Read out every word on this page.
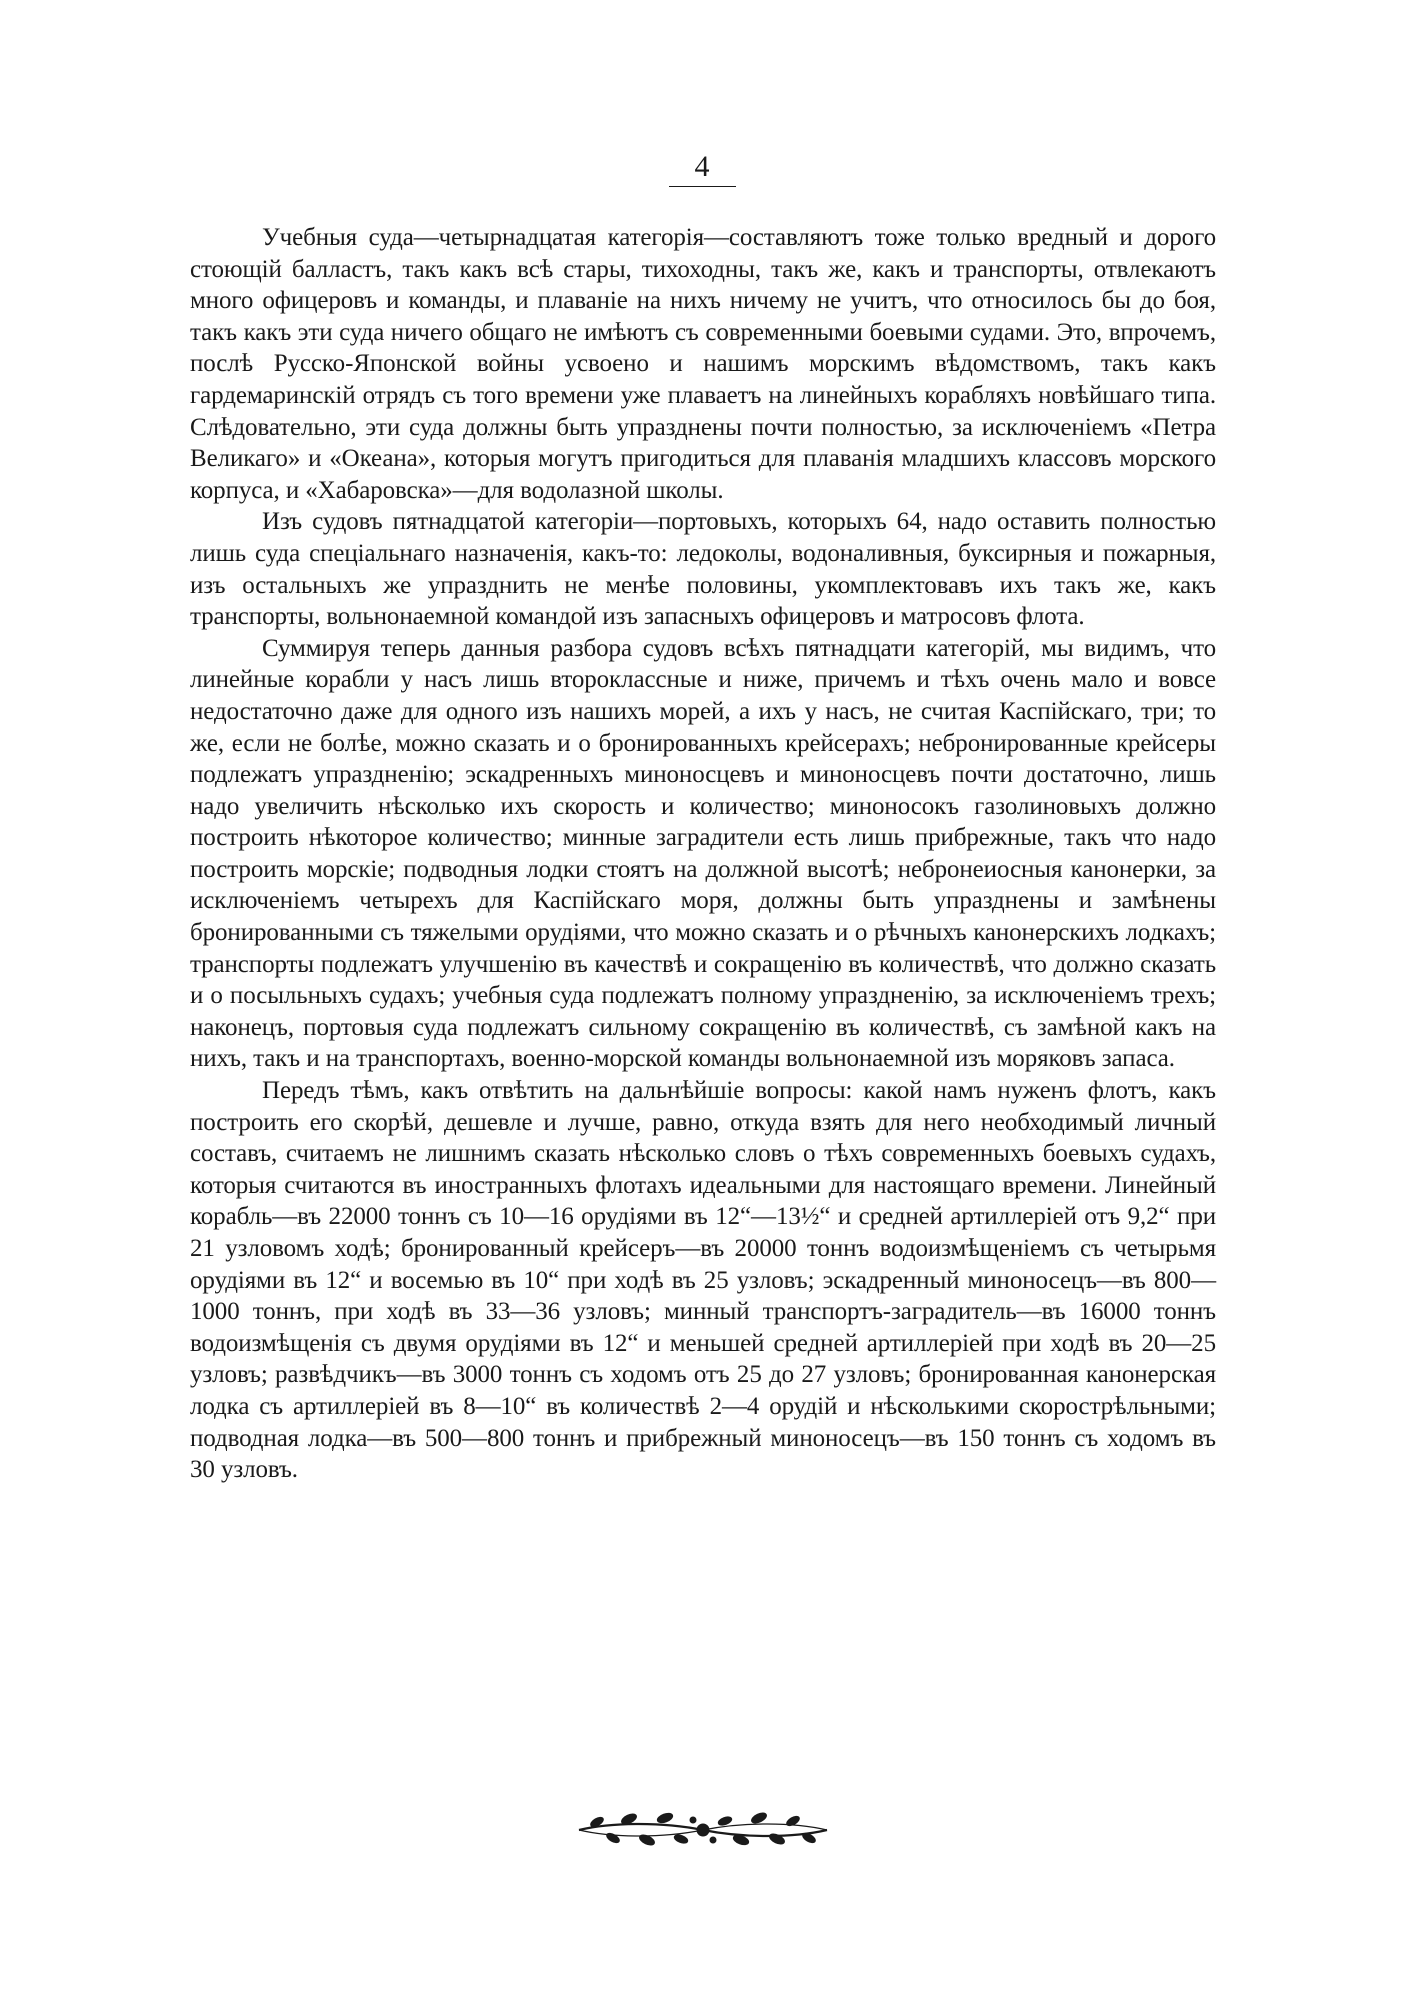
4

Учебныя суда—четырнадцатая категорія—составляютъ тоже только вредный и дорого стоющій балластъ, такъ какъ всѣ стары, тихоходны, такъ же, какъ и транспорты, отвлекаютъ много офицеровъ и команды, и плаваніе на нихъ ничему не учитъ, что относилось бы до боя, такъ какъ эти суда ничего общаго не имѣютъ съ современными боевыми судами. Это, впрочемъ, послѣ Русско-Японской войны усвоено и нашимъ морскимъ вѣдомствомъ, такъ какъ гардемаринскій отрядъ съ того времени уже плаваетъ на линейныхъ корабляхъ новѣйшаго типа. Слѣдовательно, эти суда должны быть упразднены почти полностью, за исключеніемъ «Петра Великаго» и «Океана», которыя могутъ пригодиться для плаванія младшихъ классовъ морского корпуса, и «Хабаровска»—для водолазной школы.

Изъ судовъ пятнадцатой категоріи—портовыхъ, которыхъ 64, надо оставить полностью лишь суда спеціальнаго назначенія, какъ-то: ледоколы, водоналивныя, буксирныя и пожарныя, изъ остальныхъ же упразднить не менѣе половины, укомплектовавъ ихъ такъ же, какъ транспорты, вольнонаемной командой изъ запасныхъ офицеровъ и матросовъ флота.

Суммируя теперь данныя разбора судовъ всѣхъ пятнадцати категорій, мы видимъ, что линейные корабли у насъ лишь второклассные и ниже, причемъ и тѣхъ очень мало и вовсе недостаточно даже для одного изъ нашихъ морей, а ихъ у насъ, не считая Каспійскаго, три; то же, если не болѣе, можно сказать и о бронированныхъ крейсерахъ; небронированные крейсеры подлежатъ упраздненію; эскадренныхъ миноносцевъ и миноносцевъ почти достаточно, лишь надо увеличить нѣсколько ихъ скорость и количество; миноносокъ газолиновыхъ должно построить нѣкоторое количество; минные заградители есть лишь прибрежные, такъ что надо построить морскіе; подводныя лодки стоятъ на должной высотѣ; небронеиосныя канонерки, за исключеніемъ четырехъ для Каспійскаго моря, должны быть упразднены и замѣнены бронированными съ тяжелыми орудіями, что можно сказать и о рѣчныхъ канонерскихъ лодкахъ; транспорты подлежатъ улучшенію въ качествѣ и сокращенію въ количествѣ, что должно сказать и о посыльныхъ судахъ; учебныя суда подлежатъ полному упраздненію, за исключеніемъ трехъ; наконецъ, портовыя суда подлежатъ сильному сокращенію въ количествѣ, съ замѣной какъ на нихъ, такъ и на транспортахъ, военно-морской команды вольнонаемной изъ моряковъ запаса.

Передъ тѣмъ, какъ отвѣтить на дальнѣйшіе вопросы: какой намъ нуженъ флотъ, какъ построить его скорѣй, дешевле и лучше, равно, откуда взять для него необходимый личный составъ, считаемъ не лишнимъ сказать нѣсколько словъ о тѣхъ современныхъ боевыхъ судахъ, которыя считаются въ иностранныхъ флотахъ идеальными для настоящаго времени. Линейный корабль—въ 22000 тоннъ съ 10—16 орудіями въ 12“—13½“ и средней артиллеріей отъ 9,2“ при 21 узловомъ ходѣ; бронированный крейсеръ—въ 20000 тоннъ водоизмѣщеніемъ съ четырьмя орудіями въ 12“ и восемью въ 10“ при ходѣ въ 25 узловъ; эскадренный миноносецъ—въ 800—1000 тоннъ, при ходѣ въ 33—36 узловъ; минный транспортъ-заградитель—въ 16000 тоннъ водоизмѣщенія съ двумя орудіями въ 12“ и меньшей средней артиллеріей при ходѣ въ 20—25 узловъ; развѣдчикъ—въ 3000 тоннъ съ ходомъ отъ 25 до 27 узловъ; бронированная канонерская лодка съ артиллеріей въ 8—10“ въ количествѣ 2—4 орудій и нѣсколькими скорострѣльными; подводная лодка—въ 500—800 тоннъ и прибрежный миноносецъ—въ 150 тоннъ съ ходомъ въ 30 узловъ.
